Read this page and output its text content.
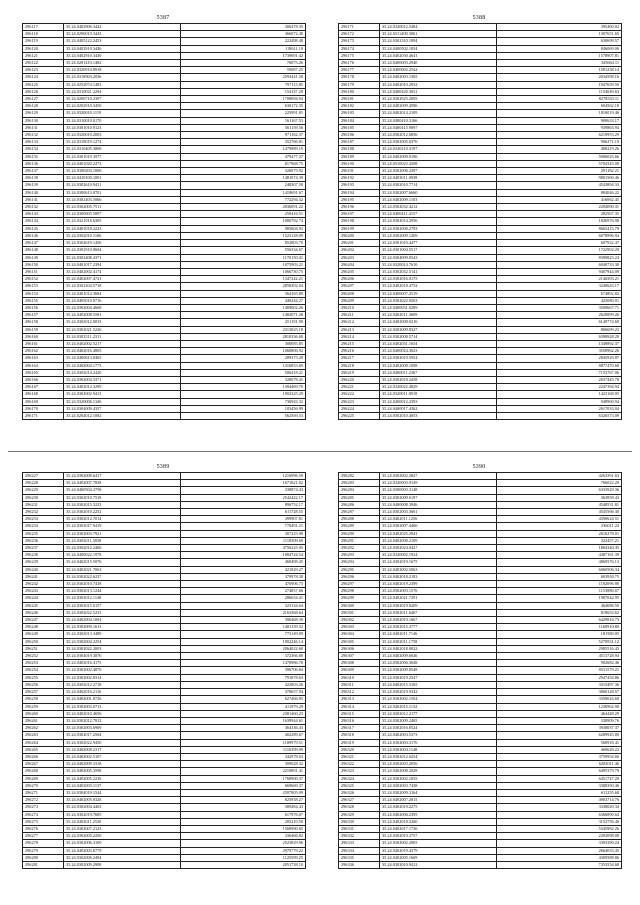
5387
296117	35.24.0402906.3442	306478.35
296118	35.24.0290010.3443	366072.40
296119	35.24.0405122.2453	222498.48
296120	35.24.0402910.3446	118611.19
296121	35.24.0402910.3449	1739691.42
296122	35.24.0281410.1482	76875.26
296123	35.24.0320910.8918	59087.25
296124	35.24.0318903.2036	2593441.58
296125	35.24.0252074.1483	797115.85
296126	35.24.0310021.2294	154137.28
296127	35.24.0200710.2397	1708094.94
296128	35.24.0202910.3450	630172.35
296129	35.24.0320010.1119	225991.81
296130	35.24.0310010.0170	161167.53
296131	35.24.0301010.9123	561159.56
296132	35.24.0320010.2003	971162.37
296133	35.24.0318019.1274	352766.81
296134	35.24.0310405.3868	1479989.19
296135	35.24.0301019.3977	479477.27
296136	35.24.0401020.2273	817968.75
296137	35.24.0300203.1006	326075.92
296138	35.24.0410100.1001	1481074.39
296139	35.24.0302610.9411	248307.58
296140	35.24.0300613.0701	1418691.67
296141	35.24.0302403.5066	772294.32
296142	35.24.0302005.7511	2836091.22
296143	35.24.0300005.5897	259416.51
296144	35.24.0321018.6305	1080792.74
296145	35.24.0401018.2223	985604.93
296146	35.24.0302010.1166	1523128.09
296147	35.24.0302610.1456	852803.70
296148	35.24.0302910.0604	556334.67
296149	35.24.0302408.4371	1170150.41
296150	35.24.0401017.2394	1075903.21
296151	35.24.0402002.4174	1066730.75
296152	35.24.0402007.4721	1347242.21
296153	35.24.0302204.5718	2858302.04
296154	35.24.0401014.3684	364165.80
296155	35.24.0405010.0716	449244.27
296156	35.24.0302004.4668	1469002.26
296157	35.24.0402008.5581	1482071.26
296158	35.24.0302012.0033	251191.90
296159	35.24.0302021.5226	2313025.18
296160	35.24.0302511.2311	2810336.68
296161	35.24.0402002.5217	308085.85
296162	35.24.0402016.4805	1068806.92
296163	35.24.0400613.8465	209375.29
296164	35.24.0402004.1773	1416853.69
296165	35.24.0302014.2420	506418.21
296166	35.24.0302004.3371	328078.41
296167	35.24.0402012.3299	1394469.70
296168	35.24.0302002.9413	1902325.29
296169	35.24.0320006.1346	736943.32
296170	35.24.0304009.4357	103456.99
296171	35.24.0204012.1082	562569.53
5388
296171	35.24.0320012.5484	395460.02
296172	35.24.0311408.3061	1307651.65
296173	35.24.0302310.1894	630699.57
296174	35.24.0400502.1054	846069.06
296175	35.24.0402030.4641	1578907.81
296176	35.24.0400003.2940	345664.11
296177	35.24.0400002.2542	1581238.14
296178	35.24.0402003.1305	2034598.16
296179	35.24.0402010.2932	1947659.59
296180	35.24.0400420.3631	1154049.63
296181	35.24.0302925.2695	8278533.11
296182	35.24.0402009.4596	604562.18
296183	35.24.0402014.2109	1816019.46
296184	35.24.0400410.3166	900633.17
296185	35.24.0400415.9097	939863.94
296186	35.24.0302012.6856	6219953.29
296187	35.24.0302005.0376	906271.19
296188	35.24.0320210.3197	408219.26
296189	35.24.0402009.0196	5906025.66
296190	35.24.0310023.4308	5704345.08
296191	35.24.0302006.2397	291182.21
296192	35.24.0403011.0938	9801560.46
296193	35.24.0302010.7714	4543894.33
296194	35.24.0302007.6660	884046.22
296195	35.24.0402009.1103	416062.45
296196	35.24.0302032.4212	2284090.31
296197	35.24.0400411.4157	282567.35
296198	35.24.0302014.2956	1826976.98
296199	35.24.0302008.2793	8665415.79
296200	35.24.0302009.1269	6078996.94
296201	35.24.0301010.4477	607922.47
296202	35.24.0301004.5517	1722902.29
296203	35.24.0304009.0543	8399823.24
296204	35.24.0320014.7610	6040733.38
296205	35.24.0302032.5141	9407944.09
296206	35.24.0302016.0175	2146503.21
296207	35.24.0402018.4752	3240643.17
296208	35.24.0400007.2519	674892.82
296209	35.24.0302022.0563	425080.01
296210	35.24.0400031.0299	3509667.71
296211	35.24.0402011.3609	2620899.26
296212	35.24.0402008.0216	6149774.69
296213	35.24.0302009.8327	806699.23
296214	35.24.0302008.5714	6398928.20
296215	35.24.0402031.1654	1349892.37
296216	35.24.0400024.3623	3558962.26
296217	35.24.0302010.5954	2845929.87
296218	35.24.0402008.1098	8877470.68
296219	35.24.0400011.2367	7153767.06
296220	35.24.0302018.2458	2037445.78
296221	35.24.0320022.4829	2247194.94
296222	35.24.0320011.8918	1423168.05
296223	35.24.0400012.2393	948960.94
296224	35.24.0400017.4362	2617033.04
296225	35.24.0302010.4053	6326573.09
5389
296227	35.24.0302008.6417	1216996.59
296228	35.24.0402007.7838	1671821.02
296229	35.24.0400504.2758	338874.43
296230	35.24.0302010.7518	2542422.17
296231	35.24.0302015.3223	896752.17
296232	35.24.0302010.2252	611728.55
296233	35.24.0302012.7014	399907.81
296234	35.24.0302017.9419	778491.21
296235	35.24.0302003.7921	307225.98
296236	35.24.0302011.3938	1118309.69
296237	35.24.0302012.2406	4756225.95
296238	35.24.0400022.1978	1084724.54
296239	35.24.0402015.5076	468498.45
296240	35.24.0402021.7063	421829.27
296241	35.24.0302022.6237	379978.38
296242	35.24.0302010.7418	476906.73
296243	35.24.0302013.1244	274857.66
296244	35.24.0302012.1148	286654.41
296245	35.24.0302015.0157	323134.64
296246	35.24.0302022.5233	2163368.64
296247	35.24.0402004.1004	396468.39
296248	35.24.0302009.1613	1481159.52
296249	35.24.0302013.3489	773149.09
296250	35.24.0302004.2254	1902246.14
296251	35.24.0302022.2003	2064022.60
296252	35.24.0304019.3076	372366.80
296253	35.24.0402016.4175	1478986.78
296254	35.24.0302002.4870	396706.84
296255	35.24.0302002.8314	791878.63
296256	35.24.0302012.2718	422803.26
296257	35.24.0402016.2116	378657.94
296258	35.24.0402001.8726	627466.85
296259	35.24.0302003.0713	411979.29
296260	35.24.0402010.4656	2381460.23
296261	35.24.0302012.7812	1639944.61
296262	35.24.0302003.6969	364336.43
296263	35.24.0302017.2564	402289.67
296264	35.24.0302022.9450	1189979.51
296265	35.24.0402008.2317	1116399.09
296266	35.24.0402002.5107	342978.63
296267	35.24.0402009.3318	399028.32
296268	35.24.0402005.3598	2210891.41
296269	35.24.0402005.2216	1768900.37
296270	35.24.0402003.1137	669669.37
296271	35.24.0304019.1544	2597905.09
296272	35.24.0402005.0326	825938.27
296273	35.24.0302004.4463	389484.43
296274	35.24.0302019.7685	617976.07
296275	35.24.0402011.2520	205210.50
296276	35.24.0302007.2123	1568990.65
296277	35.24.0302005.2256	336466.82
296278	35.24.0302006.3109	2523829.96
296279	35.24.0402003.6779	2979779.22
296280	35.24.0302006.2494	1125599.25
296281	35.24.0302009.2908	2051738.10
5390
296282	35.24.0302002.3847	4263391.63
296283	35.24.0320003.9149	766022.20
296284	35.24.0300003.3148	6333929.36
296285	35.24.0302009.6197	363858.43
296286	35.24.0400008.3946	4548531.81
296287	35.24.0302003.3661	4545566.30
296288	35.24.0402011.1256	4390624.51
296289	35.24.0302007.4466	336011.24
296290	35.24.0402025.2941	2616278.01
296291	35.24.0402008.2109	322457.21
296292	35.24.0302024.0427	1864340.45
296293	35.24.0320002.1924	4487161.39
296294	35.24.0302019.1675	4869576.13
296295	35.24.0402002.5063	6060506.34
296296	35.24.0402018.2183	603930.75
296297	35.24.0402019.2399	1192096.90
296298	35.24.0302003.1576	1153880.07
296299	35.24.0402021.7291	1987042.95
296300	35.24.0302019.8209	464086.59
296301	35.24.0302011.6467	819653.62
296302	35.24.0302010.1667	6429816.73
296303	35.24.0302015.3777	1160910.80
296304	35.24.0402011.7146	181580.05
296305	35.24.0302011.1758	5270931.12
296306	35.24.0402018.8022	2985516.43
296307	35.24.0402009.6046	4513728.94
296308	35.24.0302006.3648	902682.46
296309	35.24.0302009.8548	8531579.21
296310	35.24.0302019.2547	2947454.86
296311	35.24.0402015.3165	3315497.36
296312	35.24.0302019.9342	3060128.57
296313	35.24.0302002.1504	3358024.60
296314	35.24.0402015.1132	1236962.90
296315	35.24.0302012.2177	464448.29
296316	35.24.0302009.2465	338909.76
296317	35.24.0302016.0524	3938037.37
296318	35.24.0402003.5373	6289945.80
296319	35.24.0302003.3176	568918.41
296320	35.24.0302004.1148	469626.22
296321	35.24.0302012.6254	3759954.60
296322	35.24.0302003.2056	6203011.46
296323	35.24.0402008.2028	6495379.79
296324	35.24.0302002.1035	6451747.20
296325	35.24.0302003.7438	3388350.46
296326	35.24.0302009.3164	611255.68
296327	35.24.0402007.2815	4903714.76
296328	35.24.0402019.2275	3338020.34
296329	35.24.0402006.2395	6366890.64
296330	35.24.0402018.3260	3152756.46
296331	35.24.0402017.1736	5345982.26
296332	35.24.0302010.3757	2283098.08
296333	35.24.0302002.2905	3393390.24
296334	35.24.0402019.4379	2664033.45
296335	35.24.0402005.1669	4309588.86
296336	35.24.0302010.9412	7353554.68
